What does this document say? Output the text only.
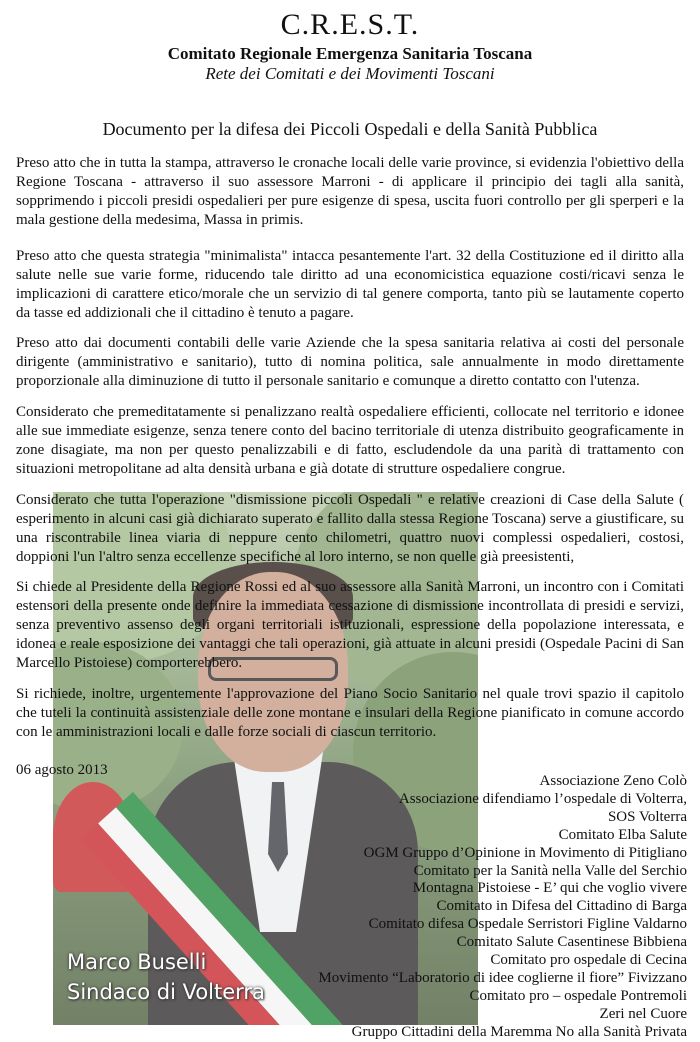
C.R.E.S.T.
Comitato Regionale Emergenza Sanitaria Toscana
Rete dei Comitati e dei Movimenti Toscani
Documento per la difesa dei Piccoli Ospedali e della Sanità Pubblica
Marco Buselli
Sindaco di Volterra

Preso atto che in tutta la stampa, attraverso le cronache locali delle varie province, si evidenzia l'obiettivo della Regione Toscana - attraverso il suo assessore Marroni - di applicare il principio dei tagli alla sanità, sopprimendo i piccoli presidi ospedalieri per pure esigenze di spesa, uscita fuori controllo per gli sperperi e la mala gestione della medesima, Massa in primis.

Preso atto che questa strategia "minimalista" intacca pesantemente l'art. 32 della Costituzione ed il diritto alla salute nelle sue varie forme, riducendo tale diritto ad una economicistica equazione costi/ricavi senza le implicazioni di carattere etico/morale che un servizio di tal genere comporta, tanto più se lautamente coperto da tasse ed addizionali che il cittadino è tenuto a pagare.

Preso atto dai documenti contabili delle varie Aziende che la spesa sanitaria relativa ai costi del personale dirigente (amministrativo e sanitario), tutto di nomina politica, sale annualmente in modo direttamente proporzionale alla diminuzione di tutto il personale sanitario e comunque a diretto contatto con l'utenza.

Considerato che premeditatamente si penalizzano realtà ospedaliere efficienti, collocate nel territorio e idonee alle sue immediate esigenze, senza tenere conto del bacino territoriale di utenza distribuito geograficamente in zone disagiate, ma non per questo penalizzabili e di fatto, escludendole da una parità di trattamento con situazioni metropolitane ad alta densità urbana e già dotate di strutture ospedaliere congrue.

Considerato che tutta l'operazione "dismissione piccoli Ospedali " e relative creazioni di Case della Salute ( esperimento in alcuni casi già dichiarato superato e fallito dalla stessa Regione Toscana) serve a giustificare, su una riscontrabile linea viaria di neppure cento chilometri, quattro nuovi complessi ospedalieri, costosi, doppioni l'un l'altro senza eccellenze specifiche al loro interno, se non quelle già preesistenti,

Si chiede al Presidente della Regione Rossi ed al suo assessore alla Sanità Marroni, un incontro con i Comitati estensori della presente onde definire la immediata cessazione di dismissione incontrollata di presidi e servizi, senza preventivo assenso degli organi territoriali istituzionali, espressione della popolazione interessata, e idonea e reale esposizione dei vantaggi che tali operazioni, già attuate in alcuni presidi (Ospedale Pacini di San Marcello Pistoiese) comporterebbero.

Si richiede, inoltre, urgentemente l'approvazione del Piano Socio Sanitario nel quale trovi spazio il capitolo che tuteli la continuità assistenziale delle zone montane e insulari della Regione pianificato in comune accordo con le amministrazioni locali e dalle forze sociali di ciascun territorio.

06 agosto 2013
Associazione Zeno Colò
Associazione difendiamo l’ospedale di Volterra,
SOS Volterra
Comitato Elba Salute
OGM Gruppo d’Opinione in Movimento di Pitigliano
Comitato per la Sanità nella Valle del Serchio
Montagna Pistoiese - E’ qui che voglio vivere
Comitato in Difesa del Cittadino di Barga
Comitato difesa Ospedale Serristori Figline Valdarno
Comitato Salute Casentinese Bibbiena
Comitato pro ospedale di Cecina
Movimento “Laboratorio di idee coglierne il fiore” Fivizzano
Comitato pro – ospedale Pontremoli
Zeri nel Cuore
Gruppo Cittadini della Maremma No alla Sanità Privata
